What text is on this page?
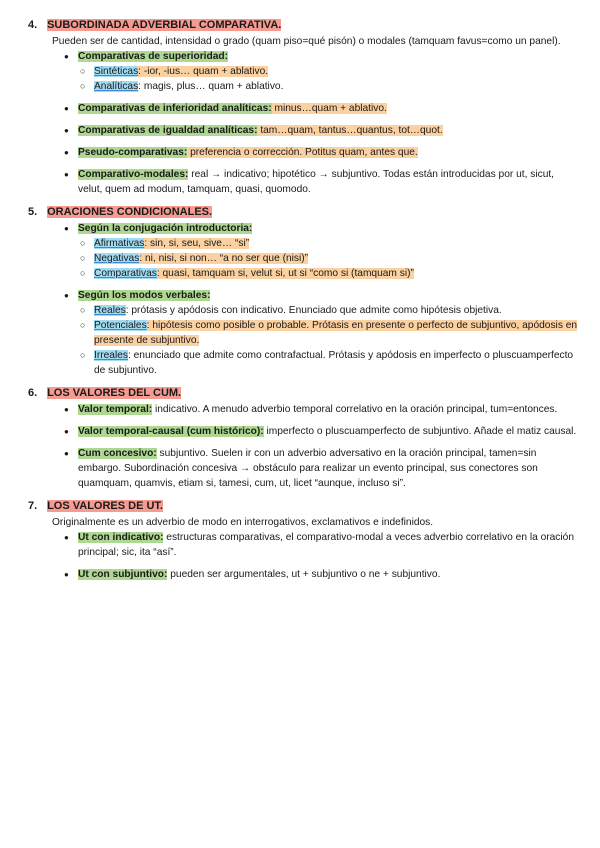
4. SUBORDINADA ADVERBIAL COMPARATIVA.
Pueden ser de cantidad, intensidad o grado (quam piso=qué pisón) o modales (tamquam favus=como un panel).
● Comparativas de superioridad:
○ Sintéticas: -ior, -ius… quam + ablativo.
○ Analíticas: magis, plus… quam + ablativo.
● Comparativas de inferioridad analíticas: minus…quam + ablativo.
● Comparativas de igualdad analíticas: tam…quam, tantus…quantus, tot…quot.
● Pseudo-comparativas: preferencia o corrección. Potitus quam, antes que.
● Comparativo-modales: real → indicativo; hipotético → subjuntivo. Todas están introducidas por ut, sicut, velut, quem ad modum, tamquam, quasi, quomodo.
5. ORACIONES CONDICIONALES.
● Según la conjugación introductoria:
○ Afirmativas: sin, si, seu, sive… “si”
○ Negativas: ni, nisi, si non… “a no ser que (nisi)”
○ Comparativas: quasi, tamquam si, velut si, ut si “como si (tamquam si)”
● Según los modos verbales:
○ Reales: prótasis y apódosis con indicativo. Enunciado que admite como hipótesis objetiva.
○ Potenciales: hipótesis como posible o probable. Prótasis en presente o perfecto de subjuntivo, apódosis en presente de subjuntivo.
○ Irreales: enunciado que admite como contrafactual. Prótasis y apódosis en imperfecto o pluscuamperfecto de subjuntivo.
6. LOS VALORES DEL CUM.
● Valor temporal: indicativo. A menudo adverbio temporal correlativo en la oración principal, tum=entonces.
● Valor temporal-causal (cum histórico): imperfecto o pluscuamperfecto de subjuntivo. Añade el matiz causal.
● Cum concesivo: subjuntivo. Suelen ir con un adverbio adversativo en la oración principal, tamen=sin embargo. Subordinación concesiva → obstáculo para realizar un evento principal, sus conectores son quamquam, quamvis, etiam si, tamesi, cum, ut, licet “aunque, incluso si”.
7. LOS VALORES DE UT.
Originalmente es un adverbio de modo en interrogativos, exclamativos e indefinidos.
● Ut con indicativo: estructuras comparativas, el comparativo-modal a veces adverbio correlativo en la oración principal; sic, ita “así”.
● Ut con subjuntivo: pueden ser argumentales, ut + subjuntivo o ne + subjuntivo.
